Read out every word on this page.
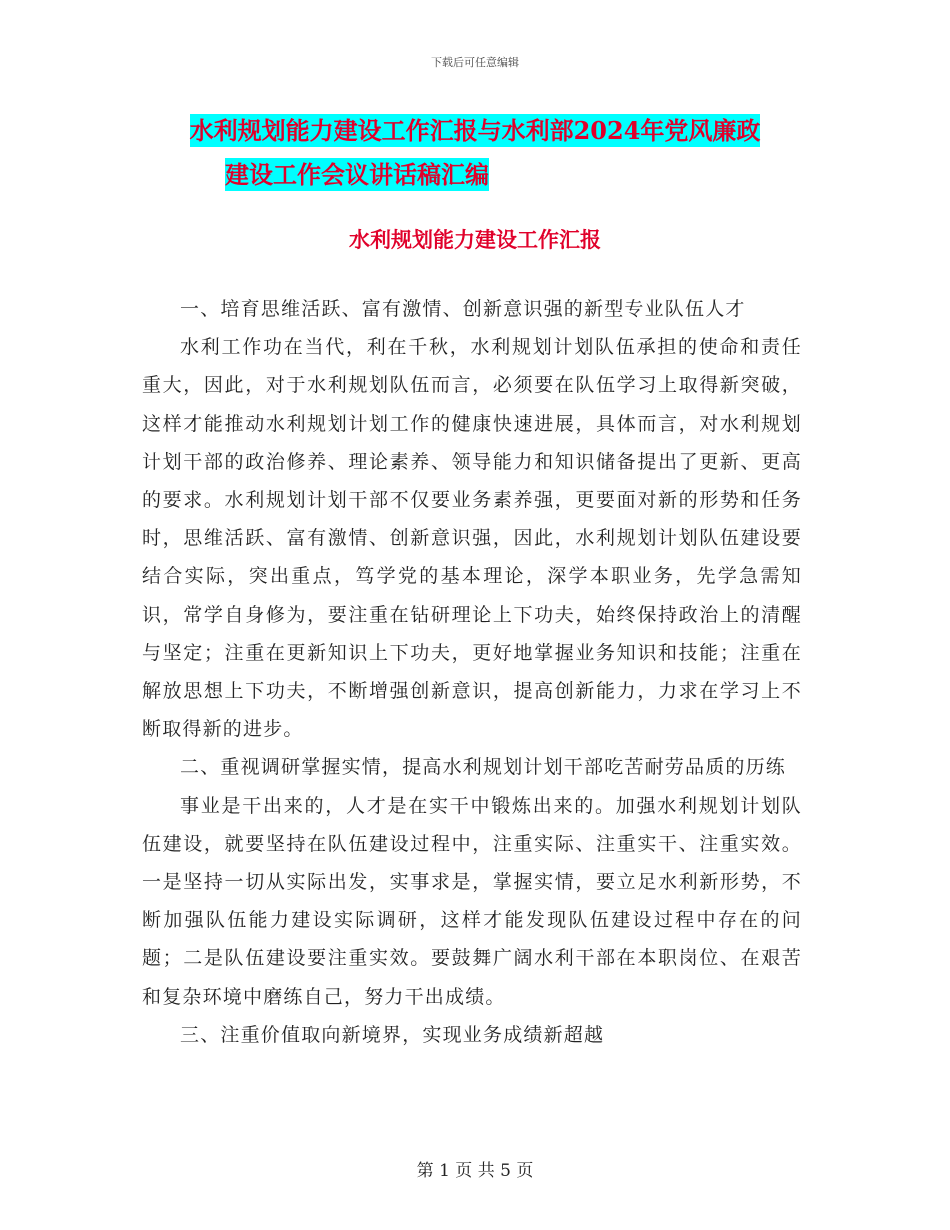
下载后可任意编辑
水利规划能力建设工作汇报与水利部2024年党风廉政
建设工作会议讲话稿汇编
水利规划能力建设工作汇报

一、培育思维活跃、富有激情、创新意识强的新型专业队伍人才

水利工作功在当代，利在千秋，水利规划计划队伍承担的使命和责任重大，因此，对于水利规划队伍而言，必须要在队伍学习上取得新突破，这样才能推动水利规划计划工作的健康快速进展，具体而言，对水利规划计划干部的政治修养、理论素养、领导能力和知识储备提出了更新、更高的要求。水利规划计划干部不仅要业务素养强，更要面对新的形势和任务时，思维活跃、富有激情、创新意识强，因此，水利规划计划队伍建设要结合实际，突出重点，笃学党的基本理论，深学本职业务，先学急需知识，常学自身修为，要注重在钻研理论上下功夫，始终保持政治上的清醒与坚定；注重在更新知识上下功夫，更好地掌握业务知识和技能；注重在解放思想上下功夫，不断增强创新意识，提高创新能力，力求在学习上不断取得新的进步。

二、重视调研掌握实情，提高水利规划计划干部吃苦耐劳品质的历练

事业是干出来的，人才是在实干中锻炼出来的。加强水利规划计划队伍建设，就要坚持在队伍建设过程中，注重实际、注重实干、注重实效。一是坚持一切从实际出发，实事求是，掌握实情，要立足水利新形势，不断加强队伍能力建设实际调研，这样才能发现队伍建设过程中存在的问题；二是队伍建设要注重实效。要鼓舞广阔水利干部在本职岗位、在艰苦和复杂环境中磨练自己，努力干出成绩。

三、注重价值取向新境界，实现业务成绩新超越

第 1 页 共 5 页
